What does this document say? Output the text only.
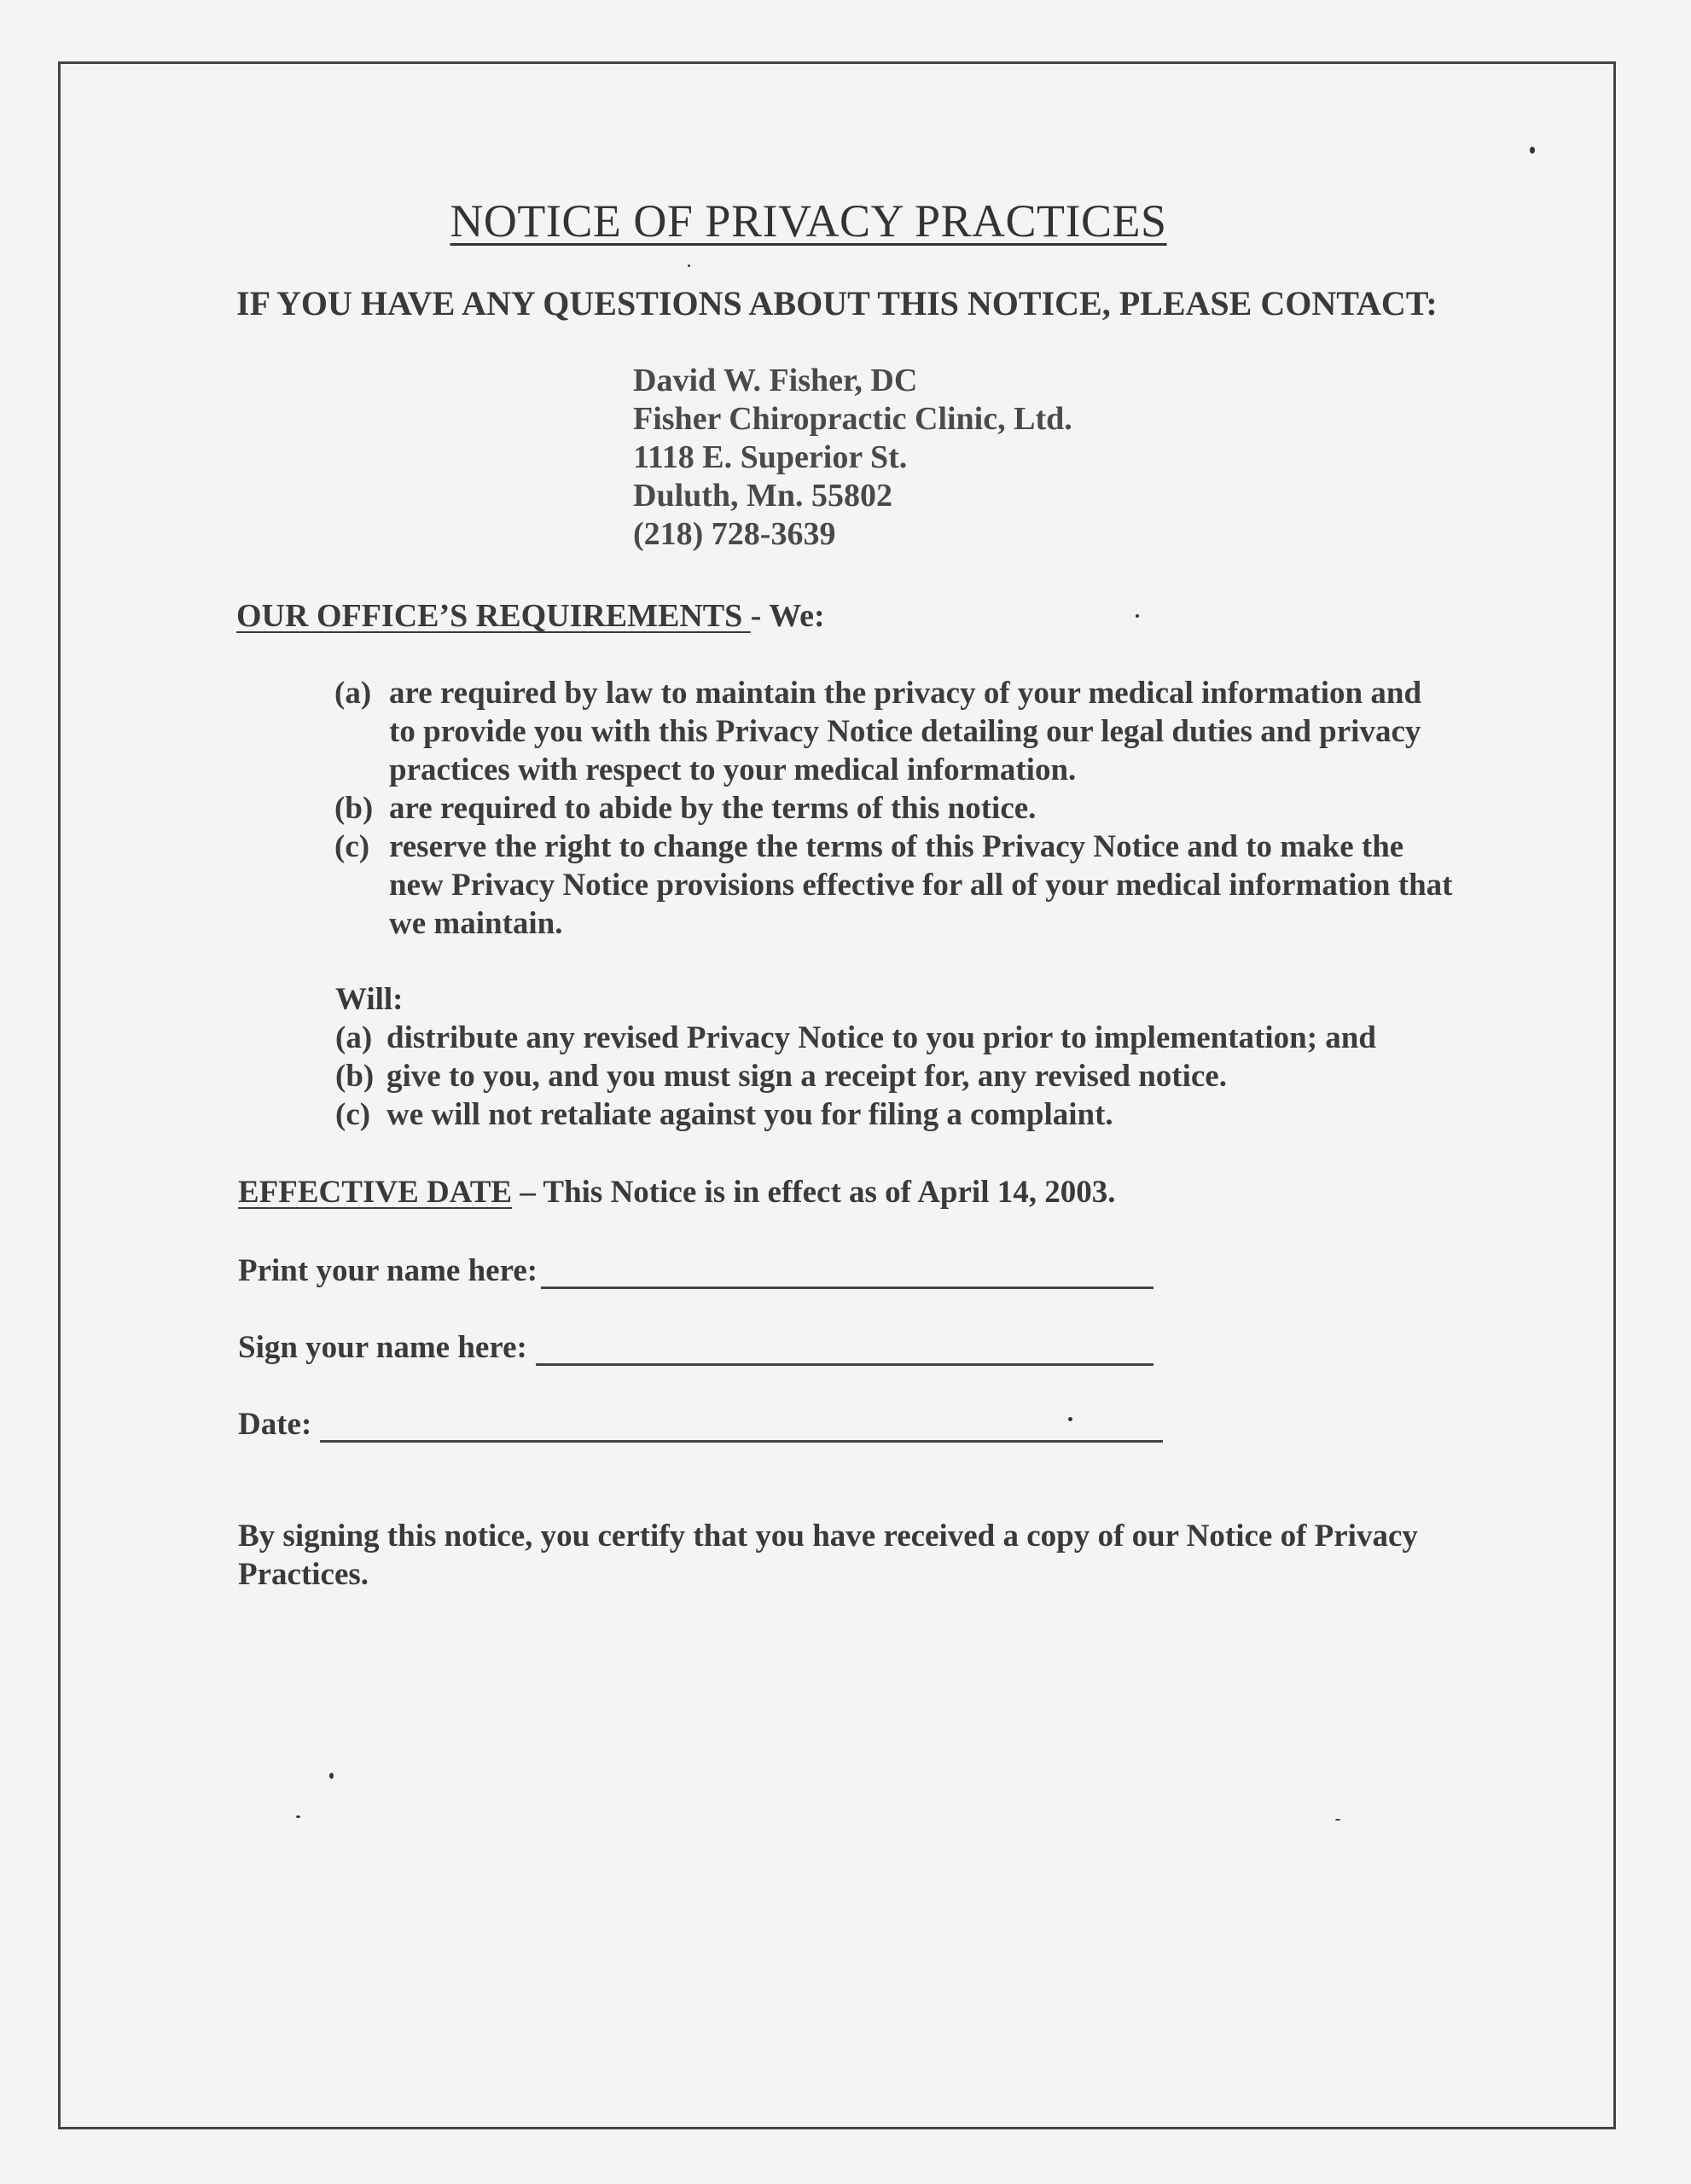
NOTICE OF PRIVACY PRACTICES
IF YOU HAVE ANY QUESTIONS ABOUT THIS NOTICE, PLEASE CONTACT:
David W. Fisher, DC
Fisher Chiropractic Clinic, Ltd.
1118 E. Superior St.
Duluth, Mn. 55802
(218) 728-3639
OUR OFFICE’S REQUIREMENTS - We:
(a) are required by law to maintain the privacy of your medical information and to provide you with this Privacy Notice detailing our legal duties and privacy practices with respect to your medical information.
(b) are required to abide by the terms of this notice.
(c) reserve the right to change the terms of this Privacy Notice and to make the new Privacy Notice provisions effective for all of your medical information that we maintain.
Will:
(a) distribute any revised Privacy Notice to you prior to implementation; and
(b) give to you, and you must sign a receipt for, any revised notice.
(c) we will not retaliate against you for filing a complaint.
EFFECTIVE DATE – This Notice is in effect as of April 14, 2003.
Print your name here:
Sign your name here:
Date:
By signing this notice, you certify that you have received a copy of our Notice of Privacy Practices.
